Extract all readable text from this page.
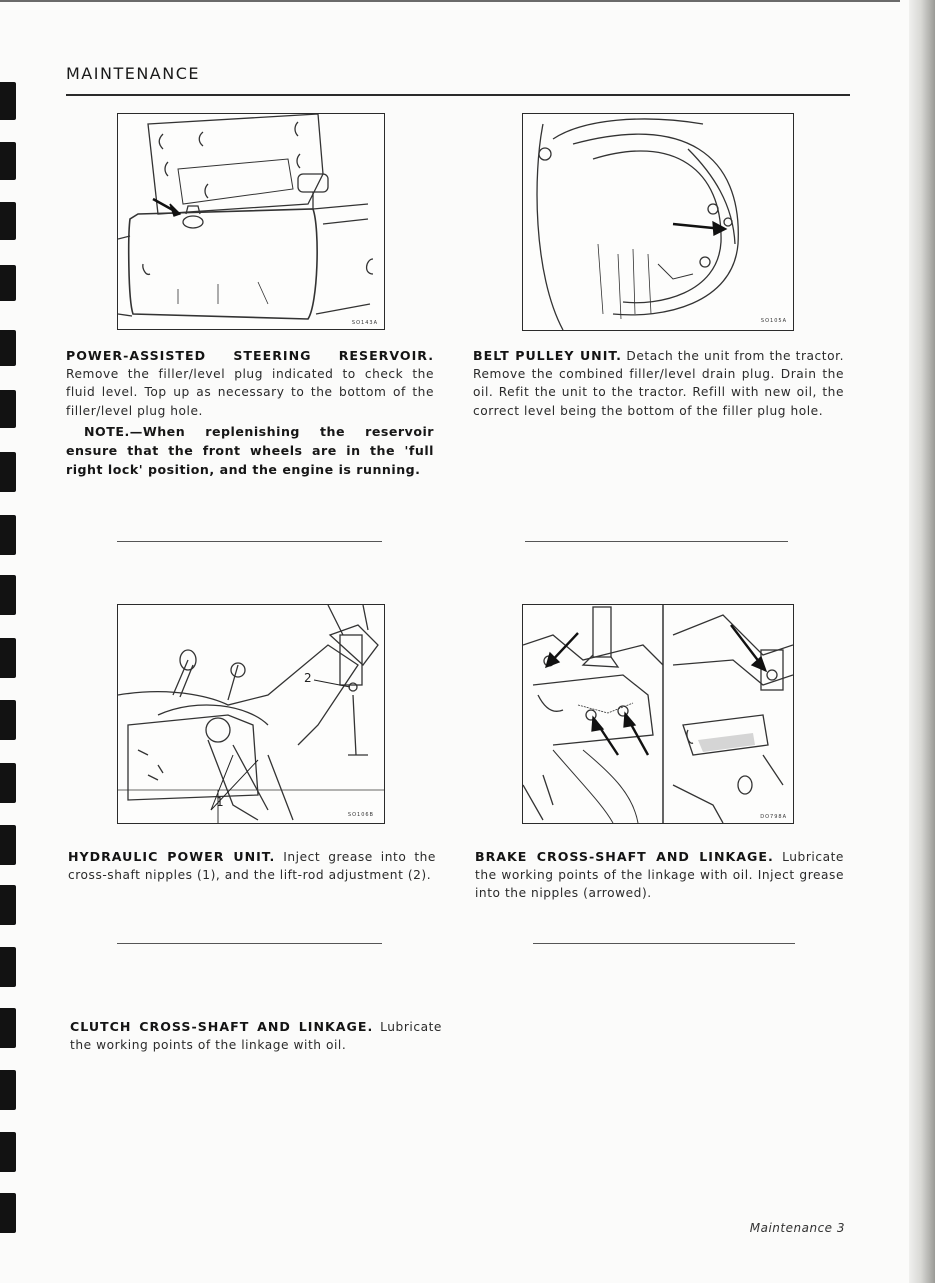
MAINTENANCE
SO143A	SO105A
POWER-ASSISTED STEERING RESERVOIR. Remove the filler/level plug indicated to check the fluid level. Top up as necessary to the bottom of the filler/level plug hole.
NOTE.—When replenishing the reservoir ensure that the front wheels are in the 'full right lock' position, and the engine is running.
BELT PULLEY UNIT. Detach the unit from the tractor. Remove the combined filler/level drain plug. Drain the oil. Refit the unit to the tractor. Refill with new oil, the correct level being the bottom of the filler plug hole.
2
1
SO106B	DO798A
HYDRAULIC POWER UNIT. Inject grease into the cross-shaft nipples (1), and the lift-rod adjustment (2).
BRAKE CROSS-SHAFT AND LINKAGE. Lubricate the working points of the linkage with oil. Inject grease into the nipples (arrowed).
CLUTCH CROSS-SHAFT AND LINKAGE. Lubricate the working points of the linkage with oil.
Maintenance 3
